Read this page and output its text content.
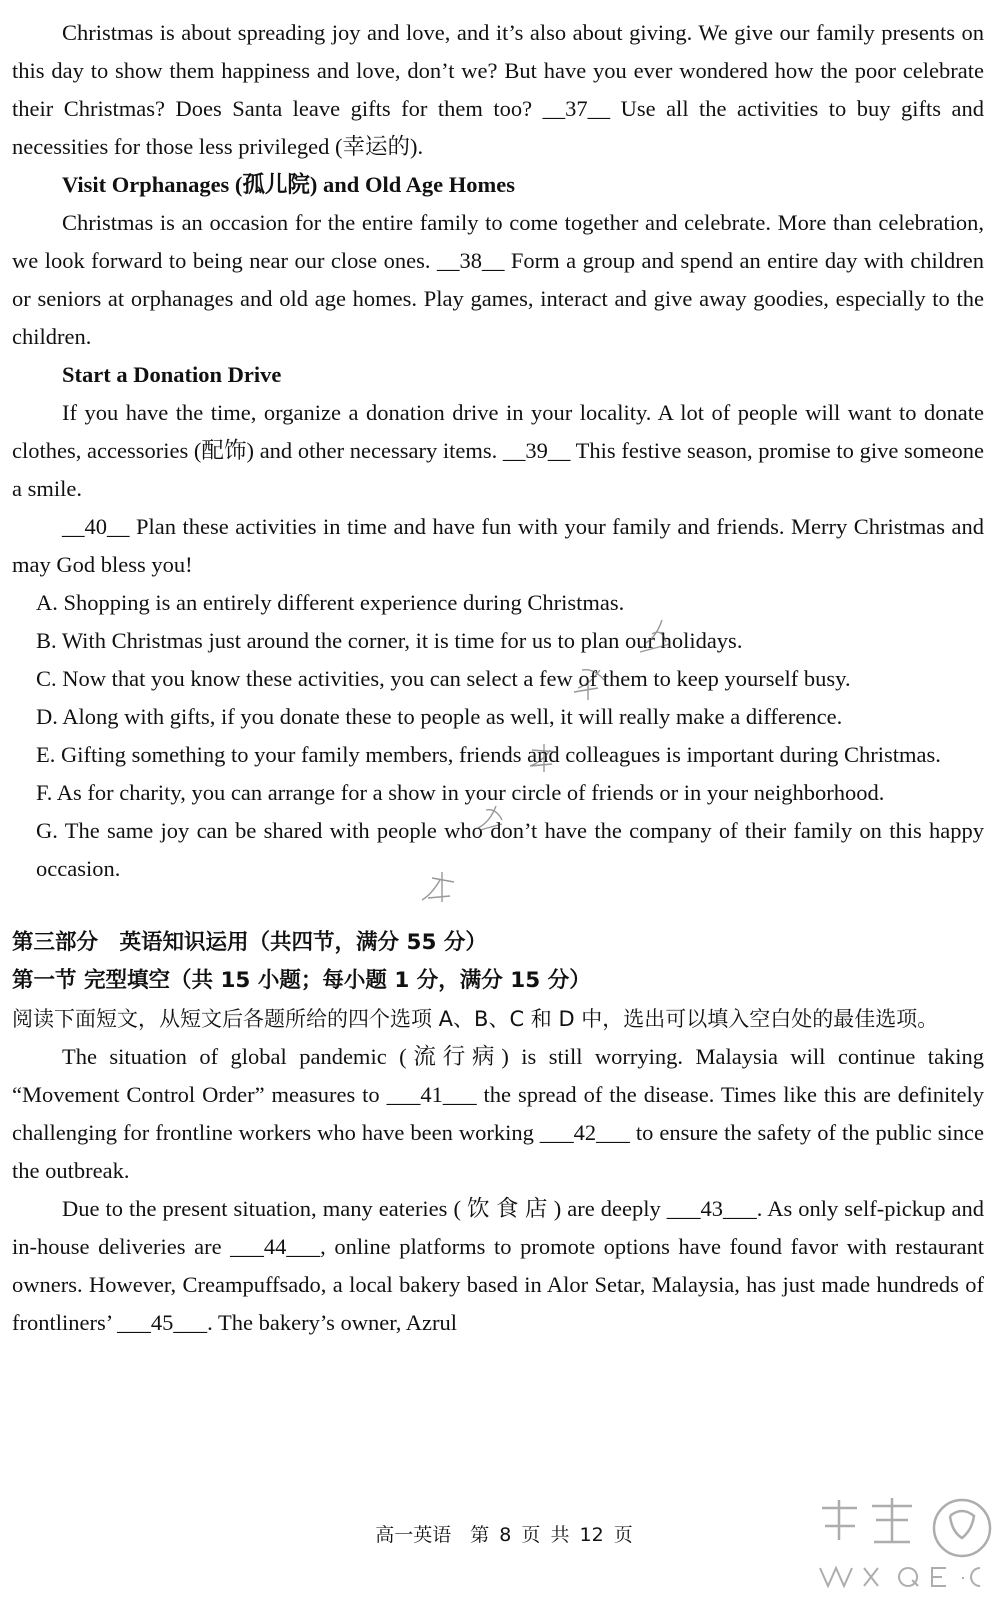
Christmas is about spreading joy and love, and it’s also about giving. We give our family presents on this day to show them happiness and love, don’t we? But have you ever wondered how the poor celebrate their Christmas? Does Santa leave gifts for them too? __37__ Use all the activities to buy gifts and necessities for those less privileged (幸运的).

Visit Orphanages (孤儿院) and Old Age Homes

Christmas is an occasion for the entire family to come together and celebrate. More than celebration, we look forward to being near our close ones. __38__ Form a group and spend an entire day with children or seniors at orphanages and old age homes. Play games, interact and give away goodies, especially to the children.

Start a Donation Drive

If you have the time, organize a donation drive in your locality. A lot of people will want to donate clothes, accessories (配饰) and other necessary items. __39__ This festive season, promise to give someone a smile.

__40__ Plan these activities in time and have fun with your family and friends. Merry Christmas and may God bless you!

A. Shopping is an entirely different experience during Christmas.

B. With Christmas just around the corner, it is time for us to plan our holidays.

C. Now that you know these activities, you can select a few of them to keep yourself busy.

D. Along with gifts, if you donate these to people as well, it will really make a difference.

E. Gifting something to your family members, friends and colleagues is important during Christmas.

F. As for charity, you can arrange for a show in your circle of friends or in your neighborhood.

G. The same joy can be shared with people who don’t have the company of their family on this happy occasion.

第三部分　英语知识运用（共四节，满分 55 分）

第一节 完型填空（共 15 小题；每小题 1 分，满分 15 分）

阅读下面短文，从短文后各题所给的四个选项 A、B、C 和 D 中，选出可以填入空白处的最佳选项。

The situation of global pandemic (流行病) is still worrying. Malaysia will continue taking “Movement Control Order” measures to ___41___ the spread of the disease. Times like this are definitely challenging for frontline workers who have been working ___42___ to ensure the safety of the public since the outbreak.

Due to the present situation, many eateries ( 饮 食 店 ) are deeply ___43___. As only self-pickup and in-house deliveries are ___44___, online platforms to promote options have found favor with restaurant owners. However, Creampuffsado, a local bakery based in Alor Setar, Malaysia, has just made hundreds of frontliners’ ___45___. The bakery’s owner, Azrul

高一英语　第 8 页 共 12 页
